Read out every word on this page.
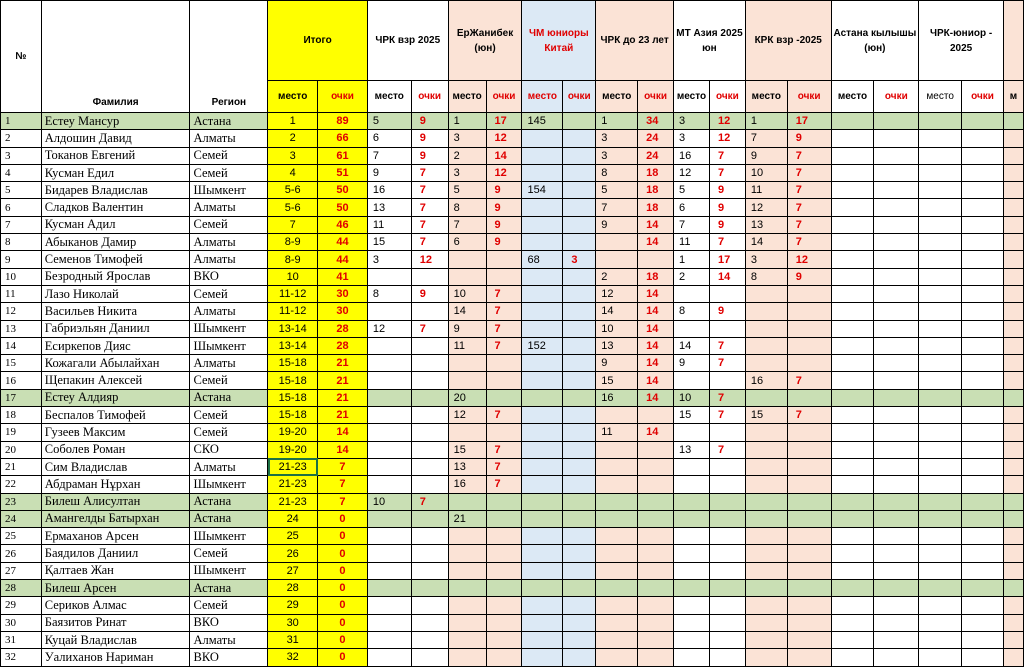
№	Фамилия	Регион	Итого		ЧРК взр 2025		ЕрЖанибек (юн)		ЧМ юниоры Китай		ЧРК до 23 лет		МТ Азия 2025 юн		КРК взр -2025		Астана кылышы (юн)		ЧРК-юниор - 2025		
			место	очки	место	очки	место	очки	место	очки	место	очки	место	очки	место	очки	место	очки	место	очки	м
1	Естеу Мансур	Астана	1	89	5	9	1	17	145		1	34	3	12	1	17					
2	Алдошин Давид	Алматы	2	66	6	9	3	12			3	24	3	12	7	9					
3	Токанов Евгений	Семей	3	61	7	9	2	14			3	24	16	7	9	7					
4	Кусман Едил	Семей	4	51	9	7	3	12			8	18	12	7	10	7					
5	Бидарев Владислав	Шымкент	5-6	50	16	7	5	9	154		5	18	5	9	11	7					
6	Сладков Валентин	Алматы	5-6	50	13	7	8	9			7	18	6	9	12	7					
7	Кусман Адил	Семей	7	46	11	7	7	9			9	14	7	9	13	7					
8	Абыканов Дамир	Алматы	8-9	44	15	7	6	9				14	11	7	14	7					
9	Семенов Тимофей	Алматы	8-9	44	3	12			68	3			1	17	3	12					
10	Безродный Ярослав	ВКО	10	41							2	18	2	14	8	9					
11	Лазо Николай	Семей	11-12	30	8	9	10	7			12	14									
12	Васильев Никита	Алматы	11-12	30			14	7			14	14	8	9							
13	Габриэльян Даниил	Шымкент	13-14	28	12	7	9	7			10	14									
14	Есиркепов Дияс	Шымкент	13-14	28			11	7	152		13	14	14	7							
15	Кожагали Абылайхан	Алматы	15-18	21							9	14	9	7							
16	Щепакин Алексей	Семей	15-18	21							15	14			16	7					
17	Естеу Алдияр	Астана	15-18	21			20				16	14	10	7							
18	Беспалов Тимофей	Семей	15-18	21			12	7					15	7	15	7					
19	Гузеев Максим	Семей	19-20	14							11	14									
20	Соболев Роман	СКО	19-20	14			15	7					13	7							
21	Сим Владислав	Алматы	21-23	7			13	7													
22	Абдраман Нұрхан	Шымкент	21-23	7			16	7													
23	Билеш Алисултан	Астана	21-23	7	10	7															
24	Амангелды Батырхан	Астана	24	0			21														
25	Ермаханов Арсен	Шымкент	25	0																	
26	Баядилов Даниил	Семей	26	0																	
27	Қалтаев Жан	Шымкент	27	0																	
28	Билеш Арсен	Астана	28	0																	
29	Сериков Алмас	Семей	29	0																	
30	Баязитов Ринат	ВКО	30	0																	
31	Куцай Владислав	Алматы	31	0																	
32	Уалиханов Нариман	ВКО	32	0																	
